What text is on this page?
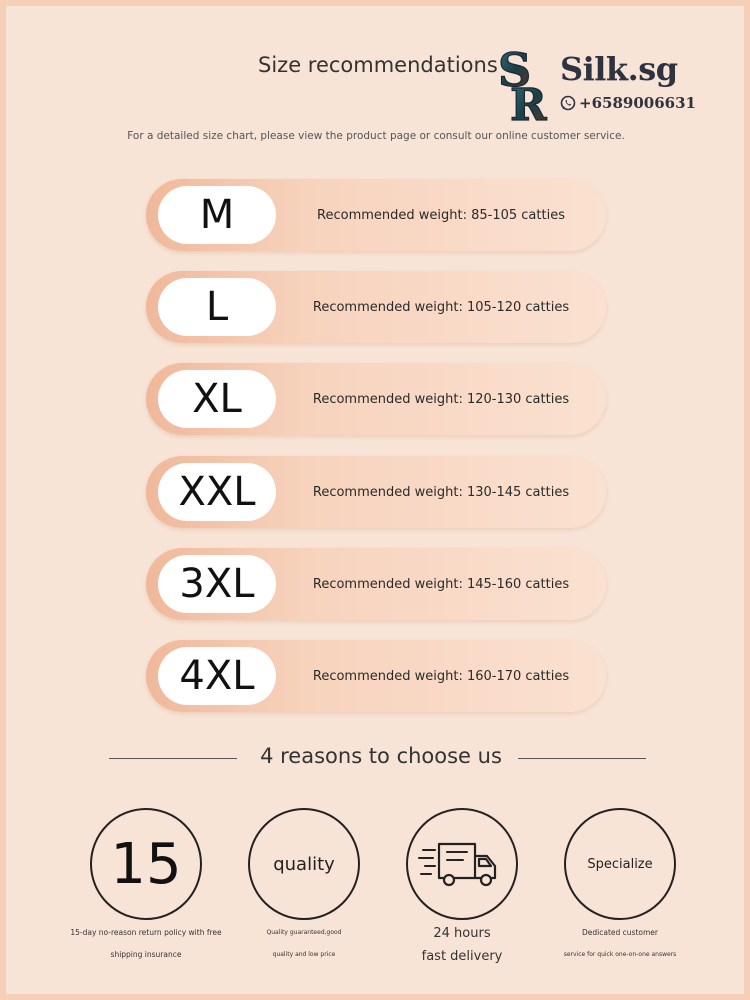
Size recommendations S
R
Silk.sg
+6589006631
For a detailed size chart, please view the product page or consult our online customer service.
M	Recommended weight: 85-105 catties
L	Recommended weight: 105-120 catties
XL	Recommended weight: 120-130 catties
XXL	Recommended weight: 130-145 catties
3XL	Recommended weight: 145-160 catties
4XL	Recommended weight: 160-170 catties
4 reasons to choose us
15	quality	Specialize
15-day no-reason return policy with free
shipping insurance
Quality guaranteed,good
quality and low price
24 hours
fast delivery
Dedicated customer
service for quick one-on-one answers
